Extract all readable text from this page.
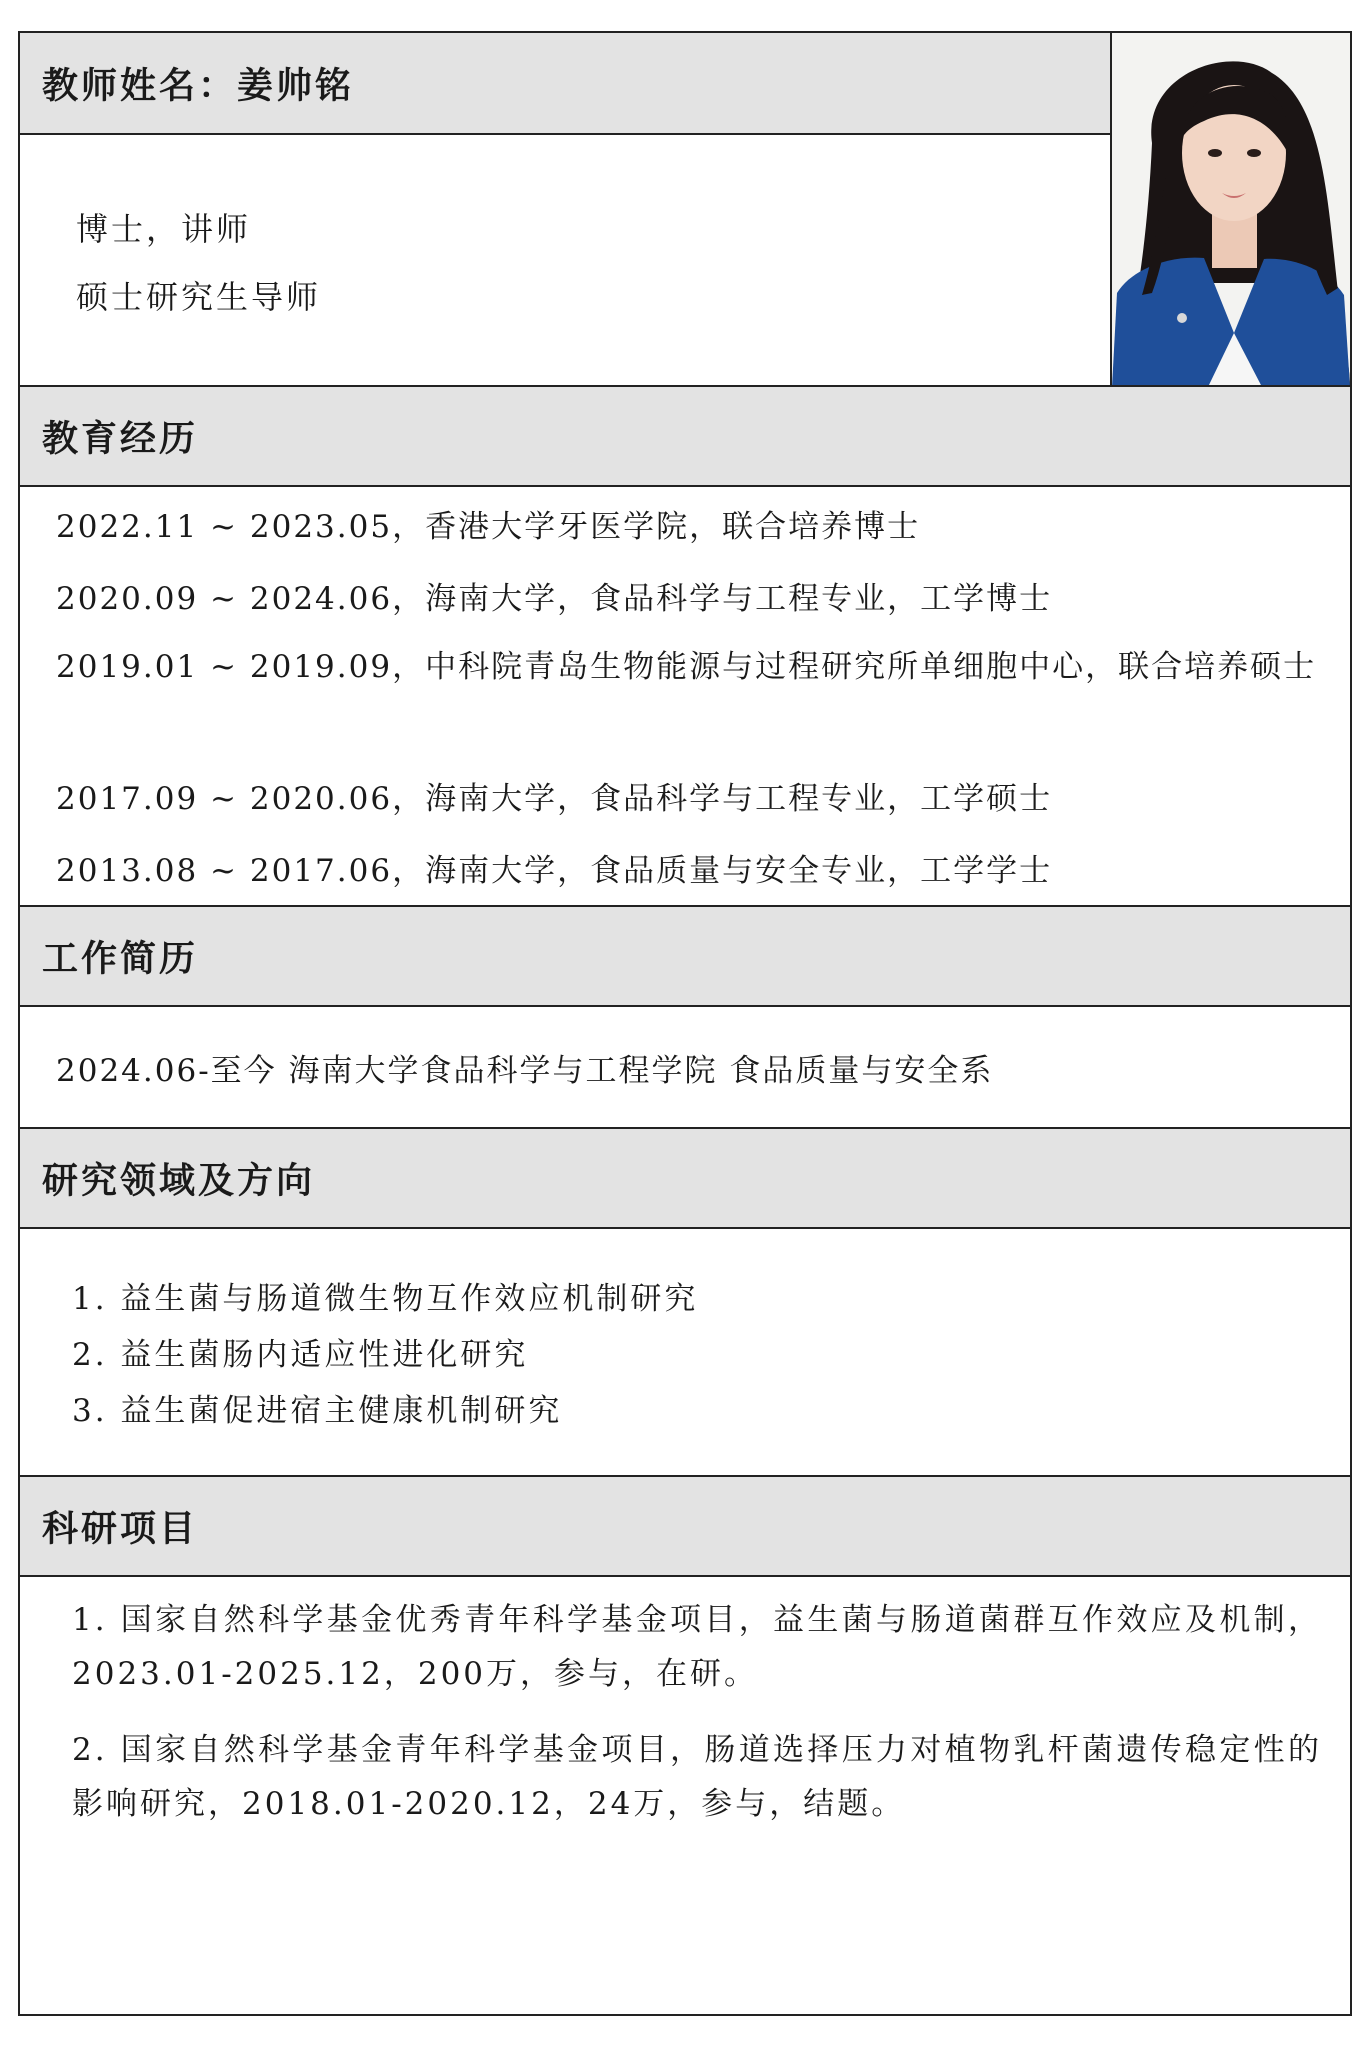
教师姓名：姜帅铭
博士，讲师
硕士研究生导师
教育经历
2022.11 ~ 2023.05，香港大学牙医学院，联合培养博士
2020.09 ~ 2024.06，海南大学，食品科学与工程专业，工学博士
2019.01 ~ 2019.09，中科院青岛生物能源与过程研究所单细胞中心，联合培养硕士
2017.09 ~ 2020.06，海南大学，食品科学与工程专业，工学硕士
2013.08 ~ 2017.06，海南大学，食品质量与安全专业，工学学士
工作简历
2024.06-至今 海南大学食品科学与工程学院 食品质量与安全系
研究领域及方向
1. 益生菌与肠道微生物互作效应机制研究
2. 益生菌肠内适应性进化研究
3. 益生菌促进宿主健康机制研究
科研项目
1. 国家自然科学基金优秀青年科学基金项目，益生菌与肠道菌群互作效应及机制，2023.01-2025.12，200万，参与，在研。
2. 国家自然科学基金青年科学基金项目，肠道选择压力对植物乳杆菌遗传稳定性的影响研究，2018.01-2020.12，24万，参与，结题。
